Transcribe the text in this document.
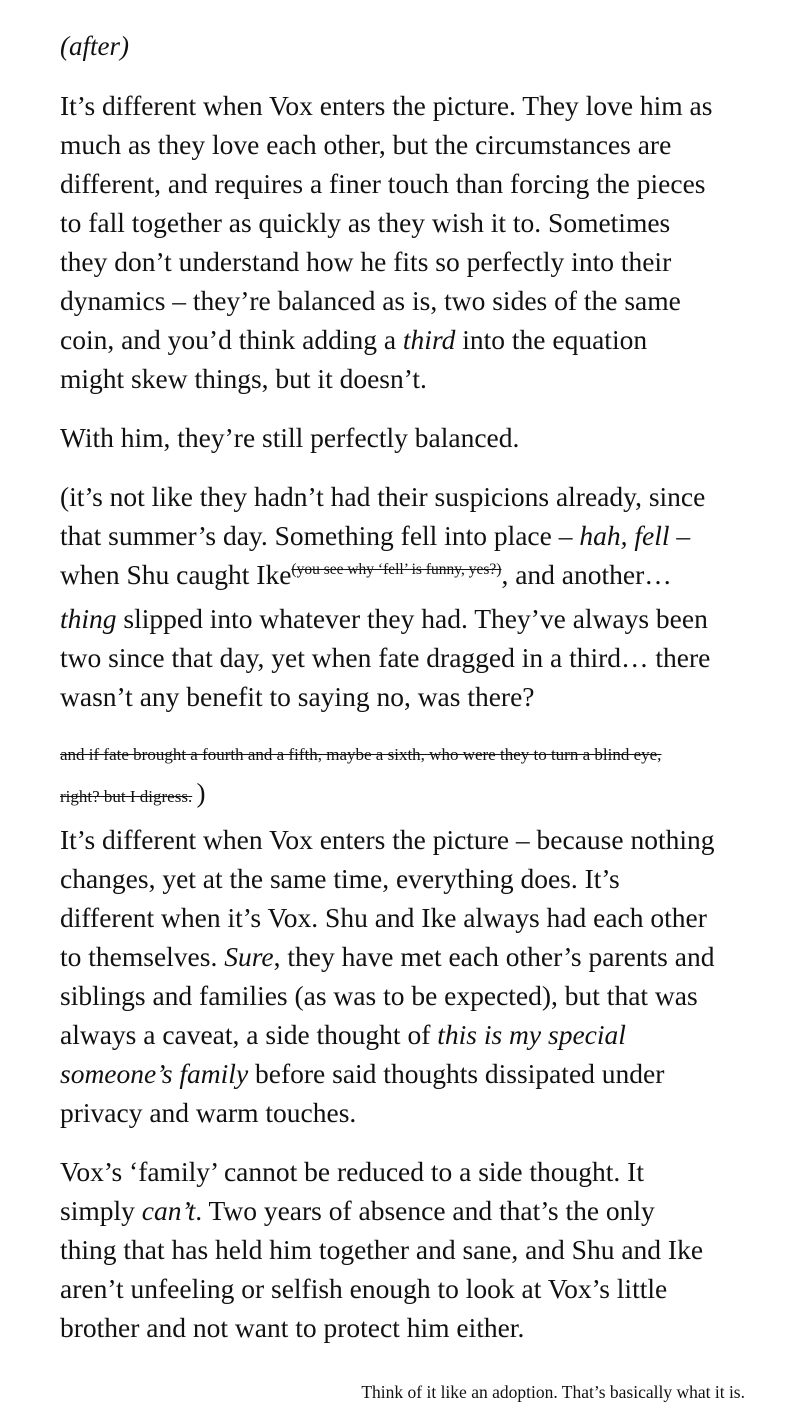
(after)
It’s different when Vox enters the picture. They love him as
much as they love each other, but the circumstances are
different, and requires a finer touch than forcing the pieces
to fall together as quickly as they wish it to. Sometimes
they don’t understand how he fits so perfectly into their
dynamics – they’re balanced as is, two sides of the same
coin, and you’d think adding a third into the equation
might skew things, but it doesn’t.
With him, they’re still perfectly balanced.
(it’s not like they hadn’t had their suspicions already, since
that summer’s day. Something fell into place – hah, fell –
when Shu caught Ike$^{(you see why ‘fell’ is funny, yes?)}$, and another…
thing slipped into whatever they had. They’ve always been
two since that day, yet when fate dragged in a third… there
wasn’t any benefit to saying no, was there?
and if fate brought a fourth and a fifth, maybe a sixth, who were they to turn a blind eye,
right? but I digress. )
It’s different when Vox enters the picture – because nothing
changes, yet at the same time, everything does. It’s
different when it’s Vox. Shu and Ike always had each other
to themselves. Sure, they have met each other’s parents and
siblings and families (as was to be expected), but that was
always a caveat, a side thought of this is my special
someone’s family before said thoughts dissipated under
privacy and warm touches.
Vox’s ‘family’ cannot be reduced to a side thought. It
simply can’t. Two years of absence and that’s the only
thing that has held him together and sane, and Shu and Ike
aren’t unfeeling or selfish enough to look at Vox’s little
brother and not want to protect him either.
Think of it like an adoption. That’s basically what it is.
